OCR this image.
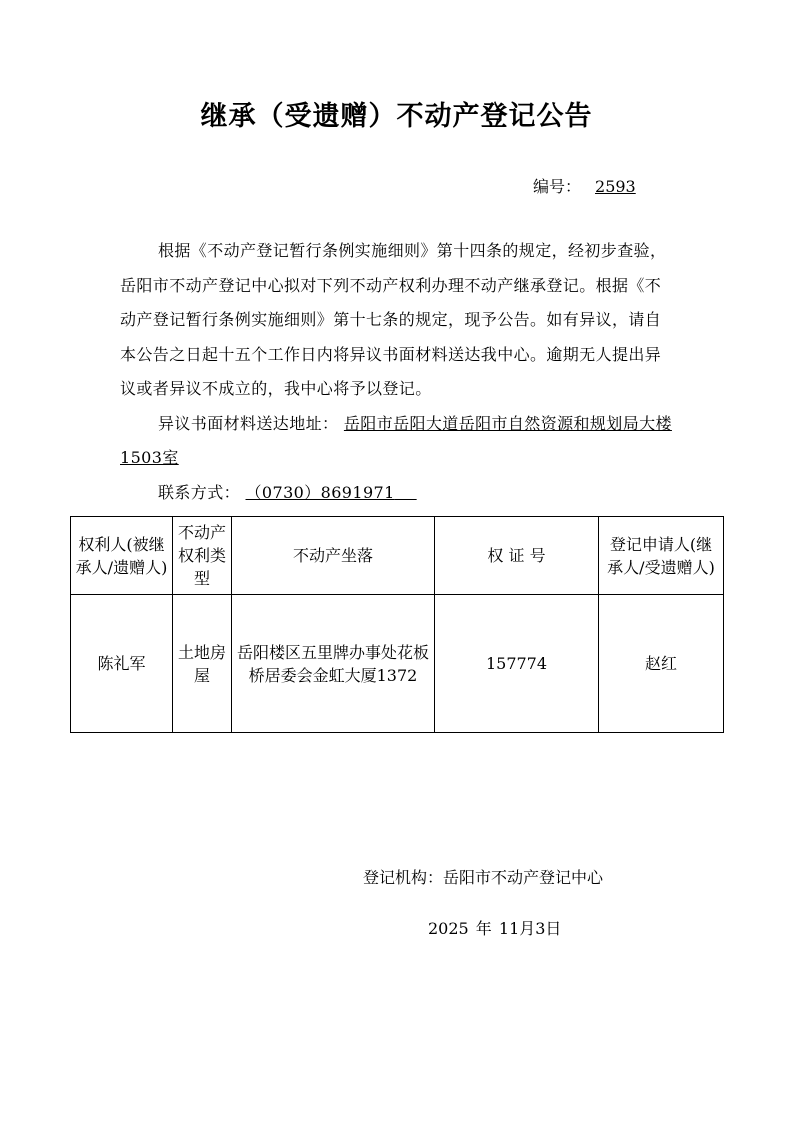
继承（受遗赠）不动产登记公告
编号： 2593

根据《不动产登记暂行条例实施细则》第十四条的规定，经初步查验，岳阳市不动产登记中心拟对下列不动产权利办理不动产继承登记。根据《不动产登记暂行条例实施细则》第十七条的规定，现予公告。如有异议，请自本公告之日起十五个工作日内将异议书面材料送达我中心。逾期无人提出异议或者异议不成立的，我中心将予以登记。

异议书面材料送达地址： 岳阳市岳阳大道岳阳市自然资源和规划局大楼1503室

联系方式： （0730）8691971

权利人(被继承人/遗赠人)	不动产权利类型	不动产坐落	权 证 号	登记申请人(继承人/受遗赠人)
陈礼军	土地房屋	岳阳楼区五里牌办事处花板桥居委会金虹大厦1372	157774	赵红
登记机构：岳阳市不动产登记中心
2025 年 11月3日
